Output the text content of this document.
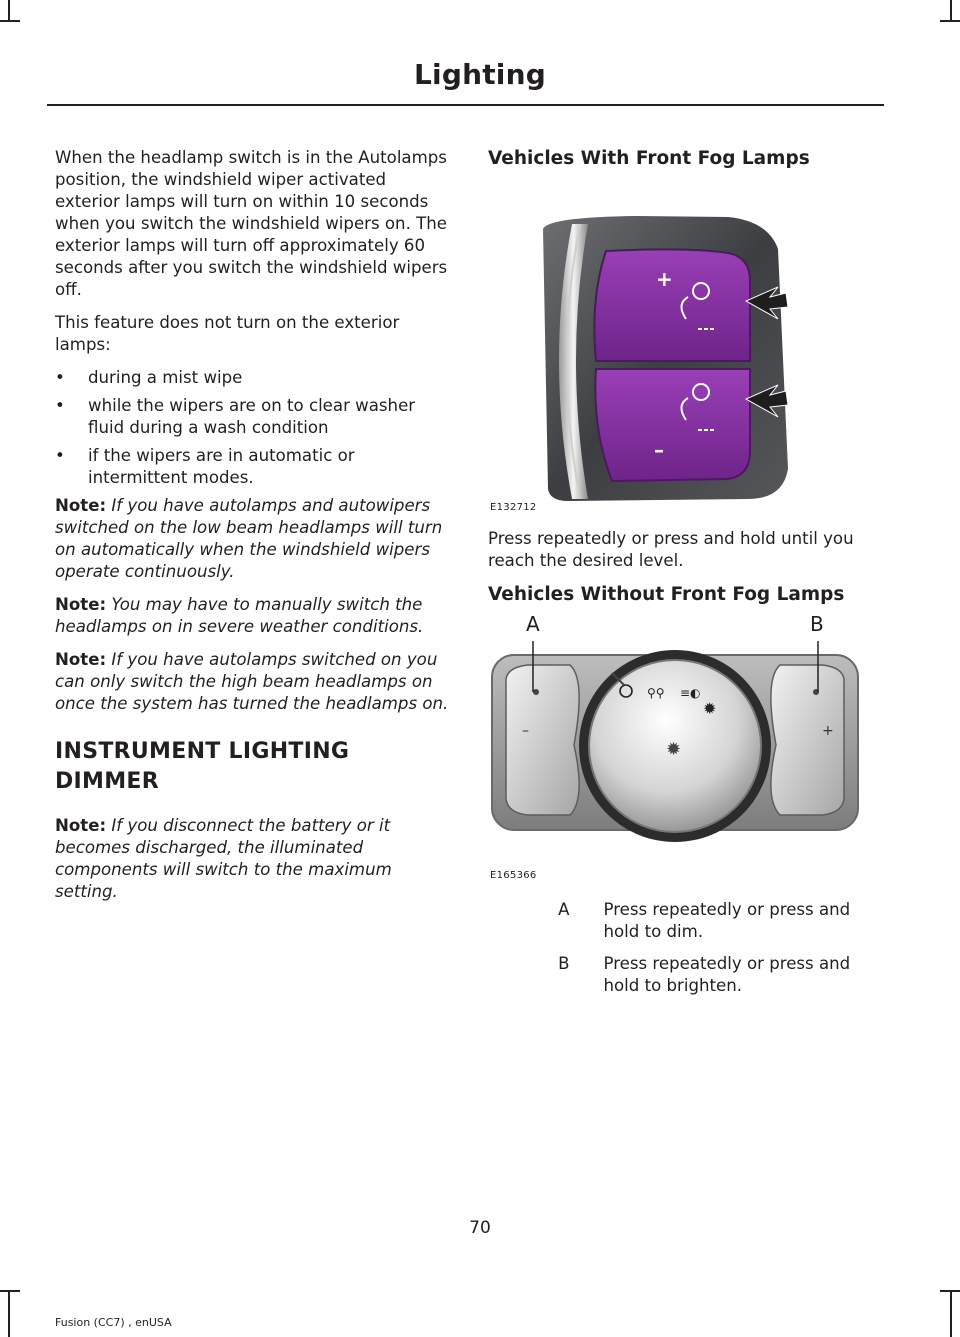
Lighting

When the headlamp switch is in the Autolamps position, the windshield wiper activated exterior lamps will turn on within 10 seconds when you switch the windshield wipers on. The exterior lamps will turn off approximately 60 seconds after you switch the windshield wipers off.

This feature does not turn on the exterior lamps:

• during a mist wipe
• while the wipers are on to clear washer fluid during a wash condition
• if the wipers are in automatic or intermittent modes.

Note: If you have autolamps and autowipers switched on the low beam headlamps will turn on automatically when the windshield wipers operate continuously.

Note: You may have to manually switch the headlamps on in severe weather conditions.

Note: If you have autolamps switched on you can only switch the high beam headlamps on once the system has turned the headlamps on.

INSTRUMENT LIGHTING DIMMER

Note: If you disconnect the battery or it becomes discharged, the illuminated components will switch to the maximum setting.

Vehicles With Front Fog Lamps
+
–
E132712

Press repeatedly or press and hold until you reach the desired level.

Vehicles Without Front Fog Lamps
–	+
⚲⚲ ≡◐
✹
✹
A	B
E165366
A	Press repeatedly or press and hold to dim.
B	Press repeatedly or press and hold to brighten.
70
Fusion (CC7) , enUSA
